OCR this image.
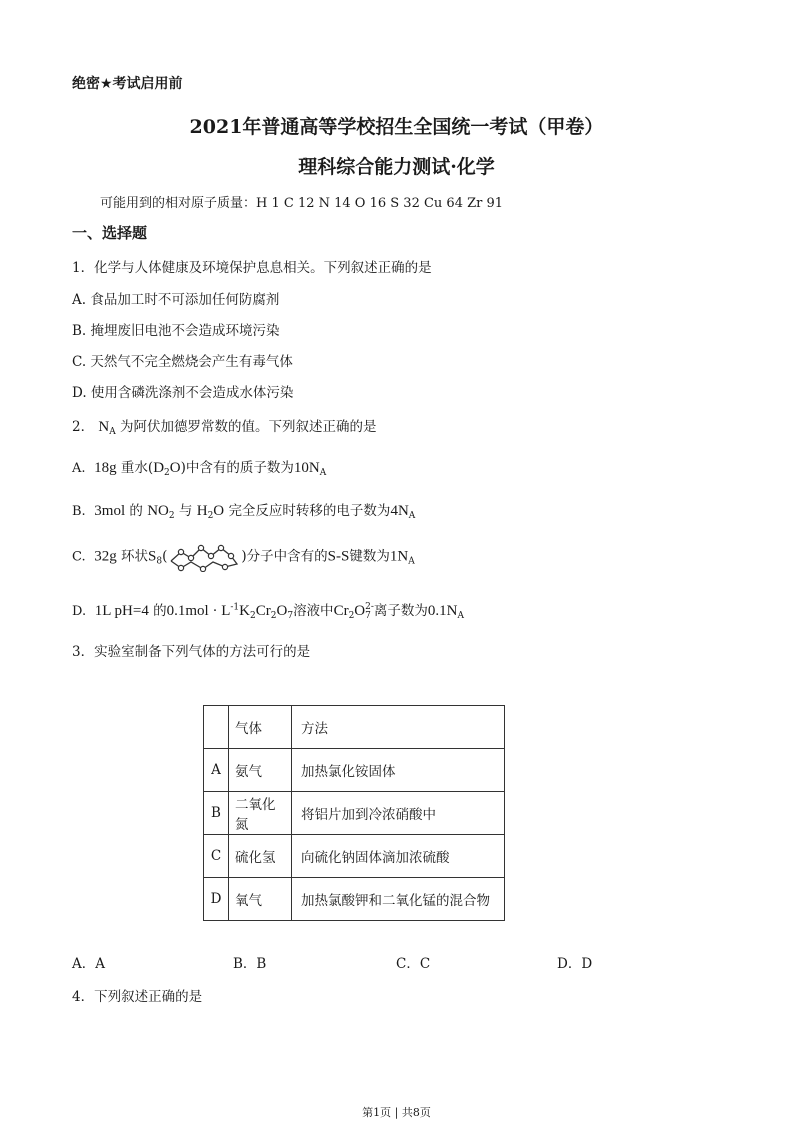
绝密★考试启用前
2021年普通高等学校招生全国统一考试（甲卷）
理科综合能力测试·化学
可能用到的相对原子质量：H 1 C 12 N 14 O 16 S 32 Cu 64 Zr 91
一、选择题
1．化学与人体健康及环境保护息息相关。下列叙述正确的是
A. 食品加工时不可添加任何防腐剂
B. 掩埋废旧电池不会造成环境污染
C. 天然气不完全燃烧会产生有毒气体
D. 使用含磷洗涤剂不会造成水体污染
2． $N_A$ 为阿伏加德罗常数的值。下列叙述正确的是
A. 18g 重水$(D_2O)$中含有的质子数为$10N_A$
B. 3mol 的 $NO_2$ 与 $H_2O$ 完全反应时转移的电子数为$4N_A$
C. 32g 环状$S_8$(	)分子中含有的S-S键数为$1N_A$
D. 1L pH=4 的$0.1mol \cdot L^{-1}K_2Cr_2O_7$溶液中$Cr_2O$ 2-
7 离子数为$0.1N_A$
3．实验室制备下列气体的方法可行的是
	气体	方法
A	氨气	加热氯化铵固体
B	二氧化氮	将铝片加到冷浓硝酸中
C	硫化氢	向硫化钠固体滴加浓硫酸
D	氧气	加热氯酸钾和二氧化锰的混合物
A．A	B．B	C．C	D．D
4．下列叙述正确的是
第1页 | 共8页
